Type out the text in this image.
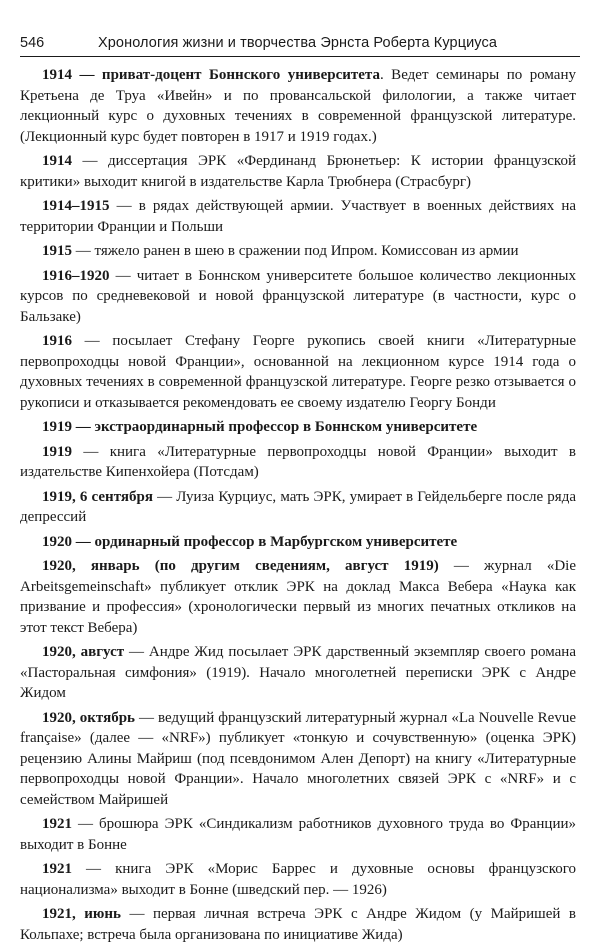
546	Хронология жизни и творчества Эрнста Роберта Курциуса

1914 — приват-доцент Боннского университета. Ведет семинары по роману Кретьена де Труа «Ивейн» и по провансальской филологии, а также читает лекционный курс о духовных течениях в современной французской литературе. (Лекционный курс будет повторен в 1917 и 1919 годах.)

1914 — диссертация ЭРК «Фердинанд Брюнетьер: К истории французской критики» выходит книгой в издательстве Карла Трюбнера (Страсбург)

1914–1915 — в рядах действующей армии. Участвует в военных действиях на территории Франции и Польши

1915 — тяжело ранен в шею в сражении под Ипром. Комиссован из армии

1916–1920 — читает в Боннском университете большое количество лекционных курсов по средневековой и новой французской литературе (в частности, курс о Бальзаке)

1916 — посылает Стефану Георге рукопись своей книги «Литературные первопроходцы новой Франции», основанной на лекционном курсе 1914 года о духовных течениях в современной французской литературе. Георге резко отзывается о рукописи и отказывается рекомендовать ее своему издателю Георгу Бонди

1919 — экстраординарный профессор в Боннском университете

1919 — книга «Литературные первопроходцы новой Франции» выходит в издательстве Кипенхойера (Потсдам)

1919, 6 сентября — Луиза Курциус, мать ЭРК, умирает в Гейдельберге после ряда депрессий

1920 — ординарный профессор в Марбургском университете

1920, январь (по другим сведениям, август 1919) — журнал «Die Arbeitsgemeinschaft» публикует отклик ЭРК на доклад Макса Вебера «Наука как призвание и профессия» (хронологически первый из многих печатных откликов на этот текст Вебера)

1920, август — Андре Жид посылает ЭРК дарственный экземпляр своего романа «Пасторальная симфония» (1919). Начало многолетней переписки ЭРК с Андре Жидом

1920, октябрь — ведущий французский литературный журнал «La Nouvelle Revue française» (далее — «NRF») публикует «тонкую и сочувственную» (оценка ЭРК) рецензию Алины Майриш (под псевдонимом Ален Депорт) на книгу «Литературные первопроходцы новой Франции». Начало многолетних связей ЭРК с «NRF» и с семейством Майришей

1921 — брошюра ЭРК «Синдикализм работников духовного труда во Франции» выходит в Бонне

1921 — книга ЭРК «Морис Баррес и духовные основы французского национализма» выходит в Бонне (шведский пер. — 1926)

1921, июнь — первая личная встреча ЭРК с Андре Жидом (у Майришей в Кольпахе; встреча была организована по инициативе Жида)
